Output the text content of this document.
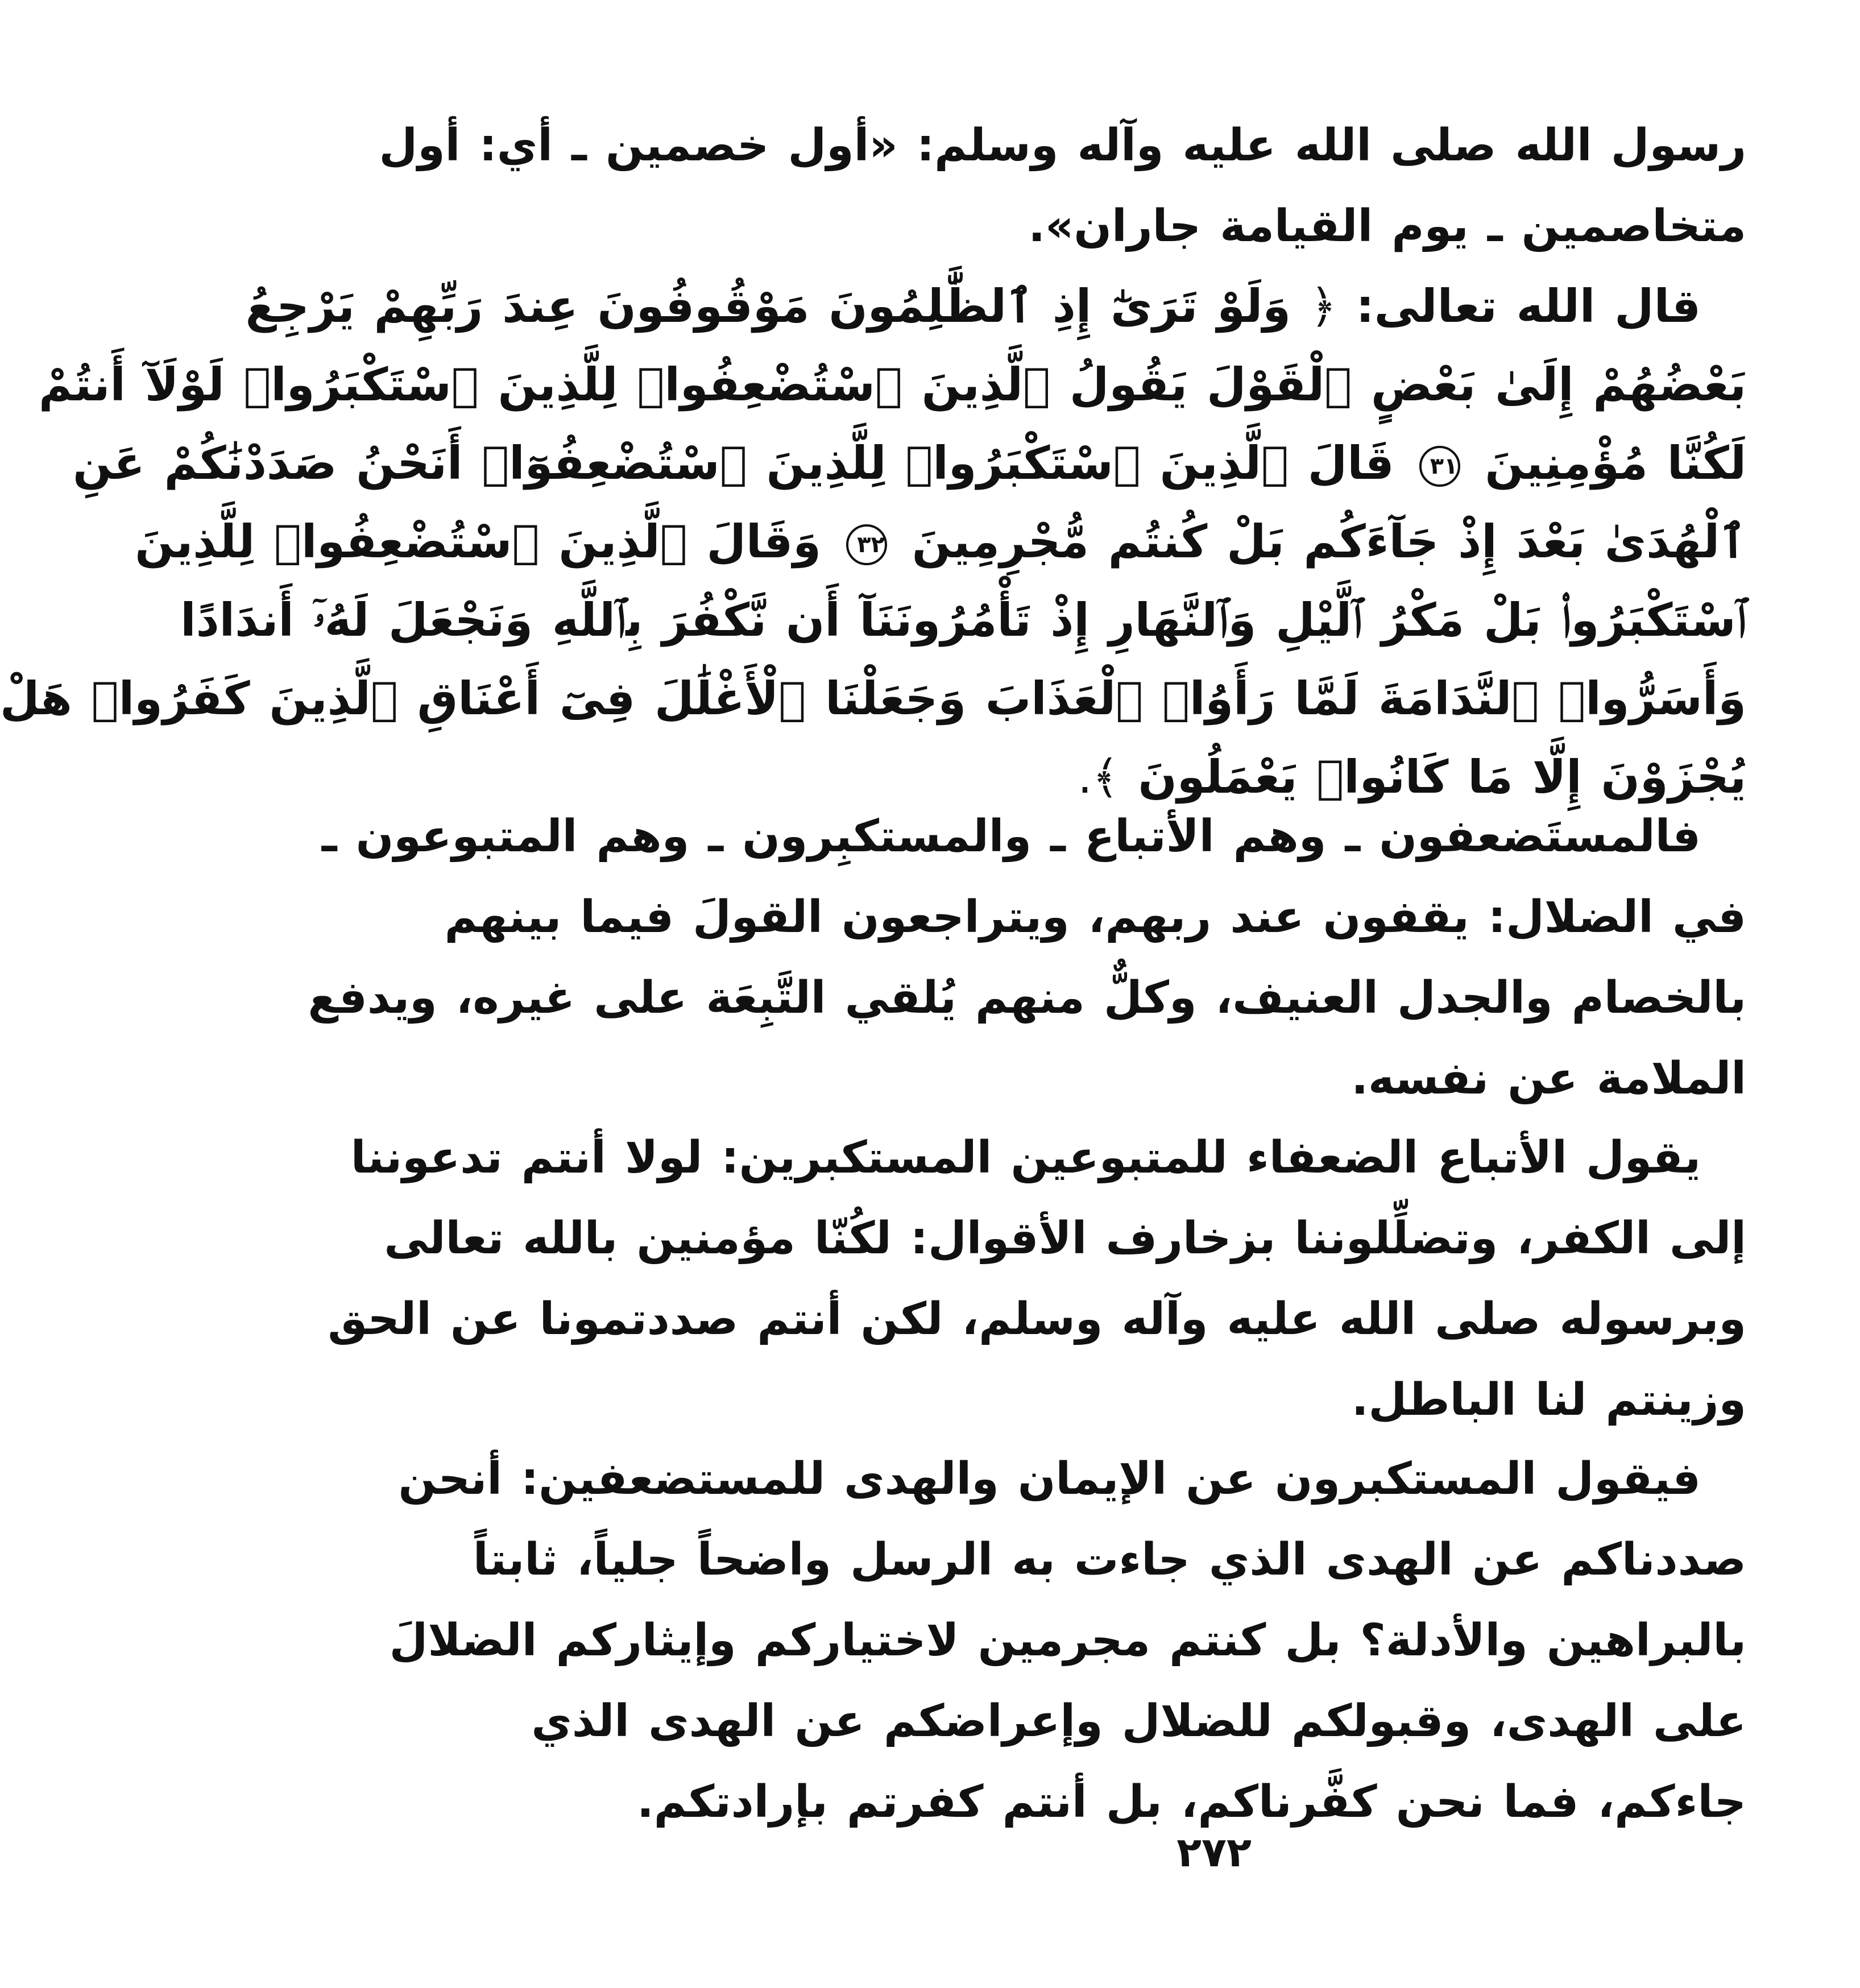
رسول الله صلى الله عليه وآله وسلم: «أول خصمين ـ أي: أول
متخاصمين ـ يوم القيامة جاران».
قال الله تعالى: ﴿ وَلَوْ تَرَىٰٓ إِذِ ٱلظَّٰلِمُونَ مَوْقُوفُونَ عِندَ رَبِّهِمْ يَرْجِعُ
بَعْضُهُمْ إِلَىٰ بَعْضٍ ٱلْقَوْلَ يَقُولُ ٱلَّذِينَ ٱسْتُضْعِفُوا۟ لِلَّذِينَ ٱسْتَكْبَرُوا۟ لَوْلَآ أَنتُمْ
لَكُنَّا مُؤْمِنِينَ ٣١ قَالَ ٱلَّذِينَ ٱسْتَكْبَرُوا۟ لِلَّذِينَ ٱسْتُضْعِفُوٓا۟ أَنَحْنُ صَدَدْنَٰكُمْ عَنِ
ٱلْهُدَىٰ بَعْدَ إِذْ جَآءَكُم بَلْ كُنتُم مُّجْرِمِينَ ٣٢ وَقَالَ ٱلَّذِينَ ٱسْتُضْعِفُوا۟ لِلَّذِينَ
ٱسْتَكْبَرُوا۟ بَلْ مَكْرُ ٱلَّيْلِ وَٱلنَّهَارِ إِذْ تَأْمُرُونَنَآ أَن نَّكْفُرَ بِٱللَّهِ وَنَجْعَلَ لَهُۥٓ أَندَادًا
وَأَسَرُّوا۟ ٱلنَّدَامَةَ لَمَّا رَأَوُا۟ ٱلْعَذَابَ وَجَعَلْنَا ٱلْأَغْلَٰلَ فِىٓ أَعْنَاقِ ٱلَّذِينَ كَفَرُوا۟ هَلْ
يُجْزَوْنَ إِلَّا مَا كَانُوا۟ يَعْمَلُونَ ﴾.
فالمستَضعفون ـ وهم الأتباع ـ والمستكبِرون ـ وهم المتبوعون ـ
في الضلال: يقفون عند ربهم، ويتراجعون القولَ فيما بينهم
بالخصام والجدل العنيف، وكلٌّ منهم يُلقي التَّبِعَة على غيره، ويدفع
الملامة عن نفسه.
يقول الأتباع الضعفاء للمتبوعين المستكبرين: لولا أنتم تدعوننا
إلى الكفر، وتضلِّلوننا بزخارف الأقوال: لكُنّا مؤمنين بالله تعالى
وبرسوله صلى الله عليه وآله وسلم، لكن أنتم صددتمونا عن الحق
وزينتم لنا الباطل.
فيقول المستكبرون عن الإيمان والهدى للمستضعفين: أنحن
صددناكم عن الهدى الذي جاءت به الرسل واضحاً جلياً، ثابتاً
بالبراهين والأدلة؟ بل كنتم مجرمين لاختياركم وإيثاركم الضلالَ
على الهدى، وقبولكم للضلال وإعراضكم عن الهدى الذي
جاءكم، فما نحن كفَّرناكم، بل أنتم كفرتم بإرادتكم.
٢٧٢
